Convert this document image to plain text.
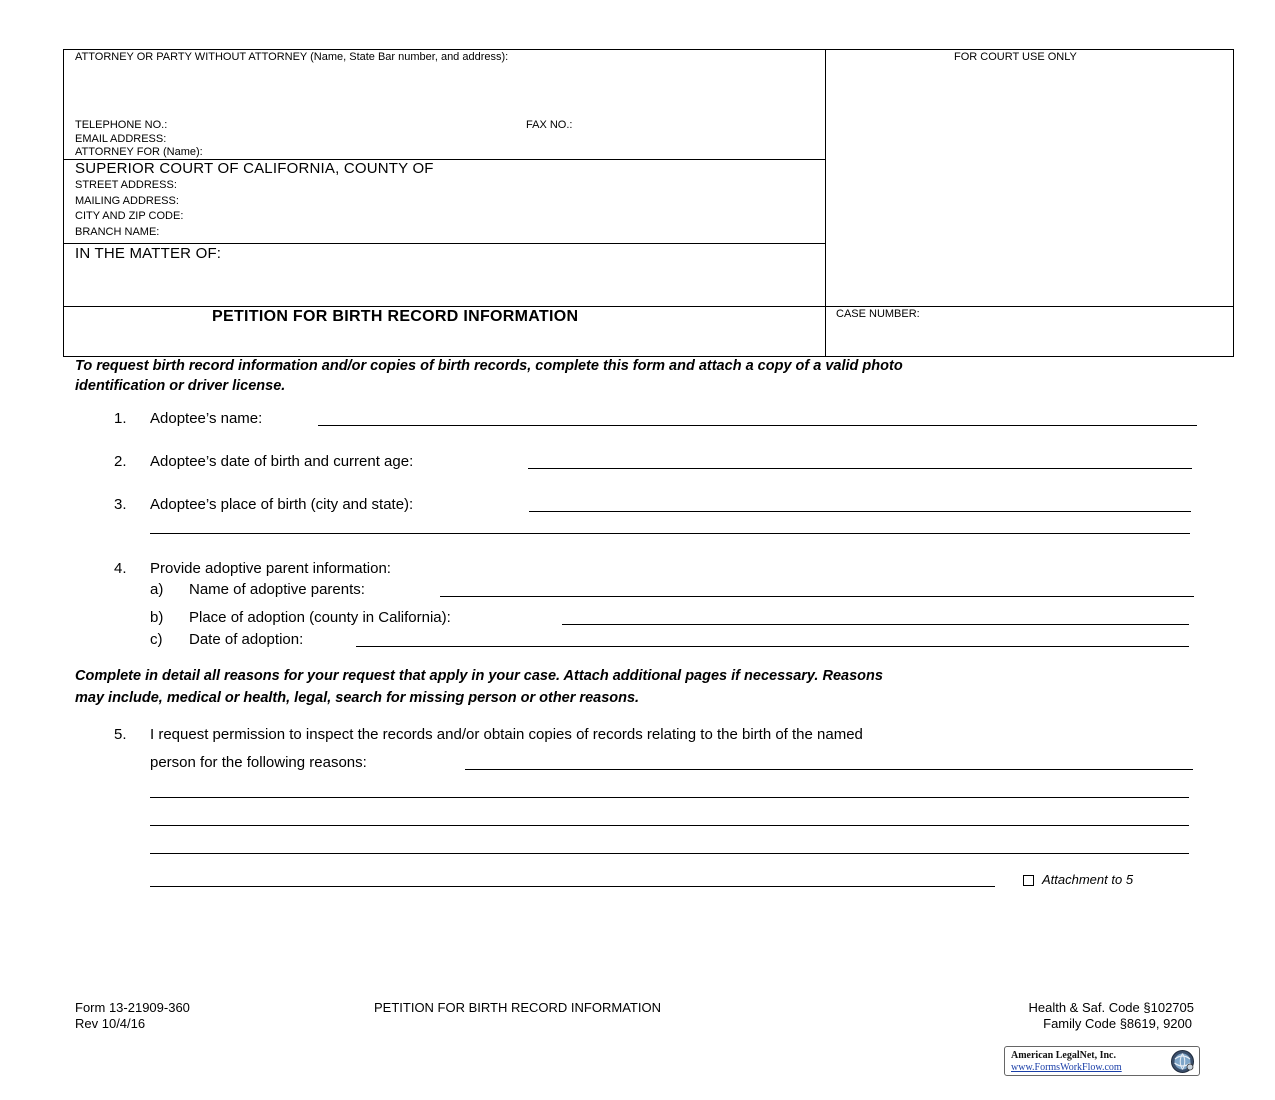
ATTORNEY OR PARTY WITHOUT ATTORNEY (Name, State Bar number, and address):	FOR COURT USE ONLY
TELEPHONE NO.:	FAX NO.:
EMAIL ADDRESS:
ATTORNEY FOR (Name):
SUPERIOR COURT OF CALIFORNIA, COUNTY OF
STREET ADDRESS:
MAILING ADDRESS:
CITY AND ZIP CODE:
BRANCH NAME:
IN THE MATTER OF:
PETITION FOR BIRTH RECORD INFORMATION	CASE NUMBER:
To request birth record information and/or copies of birth records, complete this form and attach a copy of a valid photo
identification or driver license.
1. Adoptee’s name:
2. Adoptee’s date of birth and current age:
3. Adoptee’s place of birth (city and state):
4. Provide adoptive parent information:
a) Name of adoptive parents:
b) Place of adoption (county in California):
c) Date of adoption:
Complete in detail all reasons for your request that apply in your case. Attach additional pages if necessary. Reasons
may include, medical or health, legal, search for missing person or other reasons.
5. I request permission to inspect the records and/or obtain copies of records relating to the birth of the named
person for the following reasons:
Attachment to 5
Form 13-21909-360
Rev 10/4/16
PETITION FOR BIRTH RECORD INFORMATION	Health & Saf. Code §102705
Family Code §8619, 9200
American LegalNet, Inc.
www.FormsWorkFlow.com
